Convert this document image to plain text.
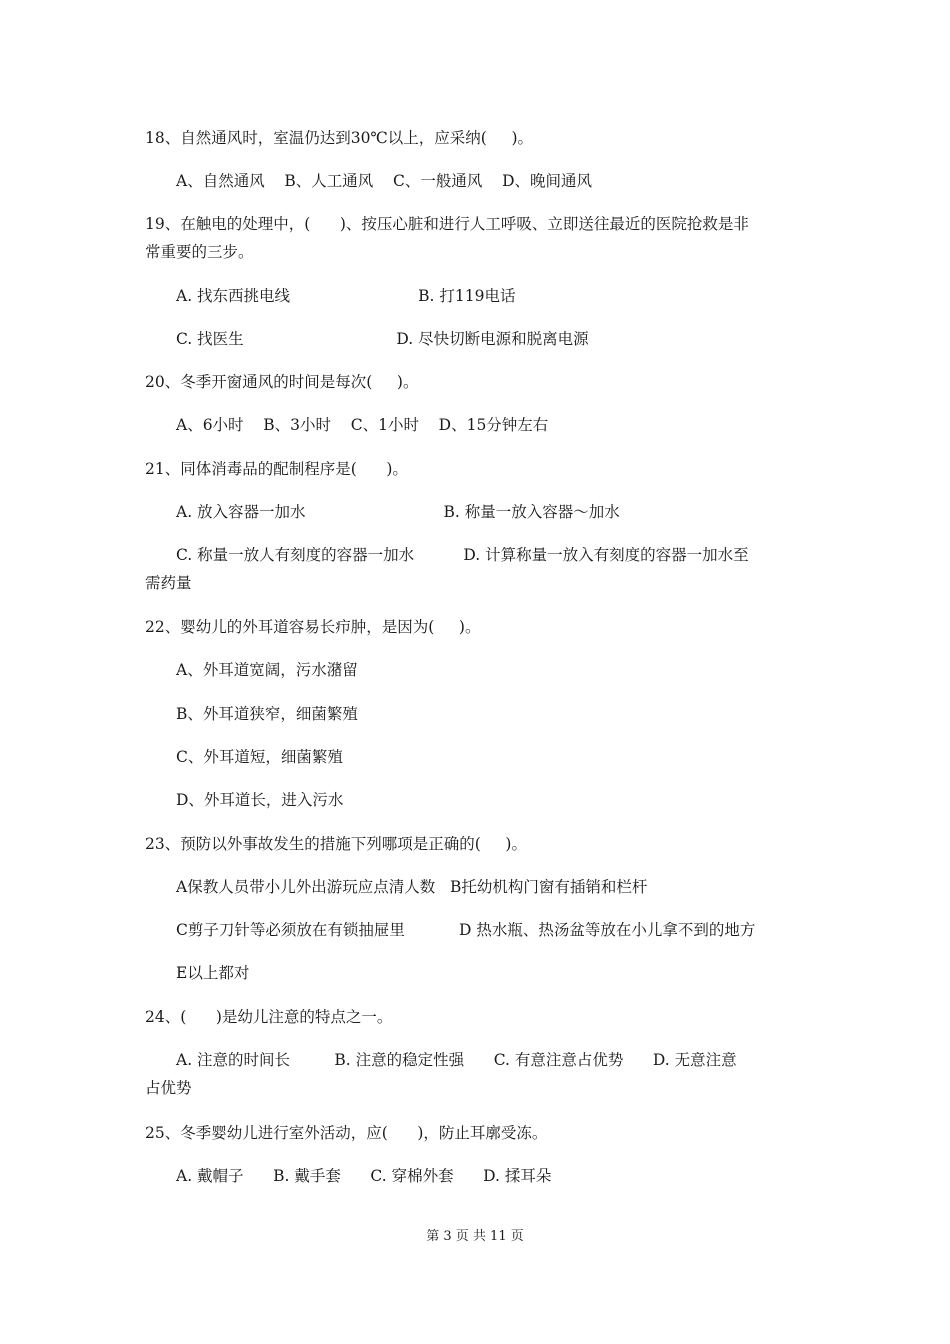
18、自然通风时，室温仍达到30℃以上，应采纳(     )。
A、自然通风    B、人工通风    C、一般通风    D、晚间通风
19、在触电的处理中，(      )、按压心脏和进行人工呼吸、立即送往最近的医院抢救是非
常重要的三步。
A. 找东西挑电线                          B. 打119电话
C. 找医生                               D. 尽快切断电源和脱离电源
20、冬季开窗通风的时间是每次(     )。
A、6小时    B、3小时    C、1小时    D、15分钟左右
21、同体消毒品的配制程序是(      )。
A. 放入容器一加水                            B. 称量一放入容器～加水
C. 称量一放人有刻度的容器一加水          D. 计算称量一放入有刻度的容器一加水至
需药量
22、婴幼儿的外耳道容易长疖肿，是因为(     )。
A、外耳道宽阔，污水潴留
B、外耳道狭窄，细菌繁殖
C、外耳道短，细菌繁殖
D、外耳道长，进入污水
23、预防以外事故发生的措施下列哪项是正确的(     )。
A保教人员带小儿外出游玩应点清人数   B托幼机构门窗有插销和栏杆
C剪子刀针等必须放在有锁抽屉里           D 热水瓶、热汤盆等放在小儿拿不到的地方
E以上都对
24、(      )是幼儿注意的特点之一。
A. 注意的时间长         B. 注意的稳定性强      C. 有意注意占优势      D. 无意注意
占优势
25、冬季婴幼儿进行室外活动，应(      )，防止耳廓受冻。
A. 戴帽子      B. 戴手套      C. 穿棉外套      D. 揉耳朵
第 3 页 共 11 页
